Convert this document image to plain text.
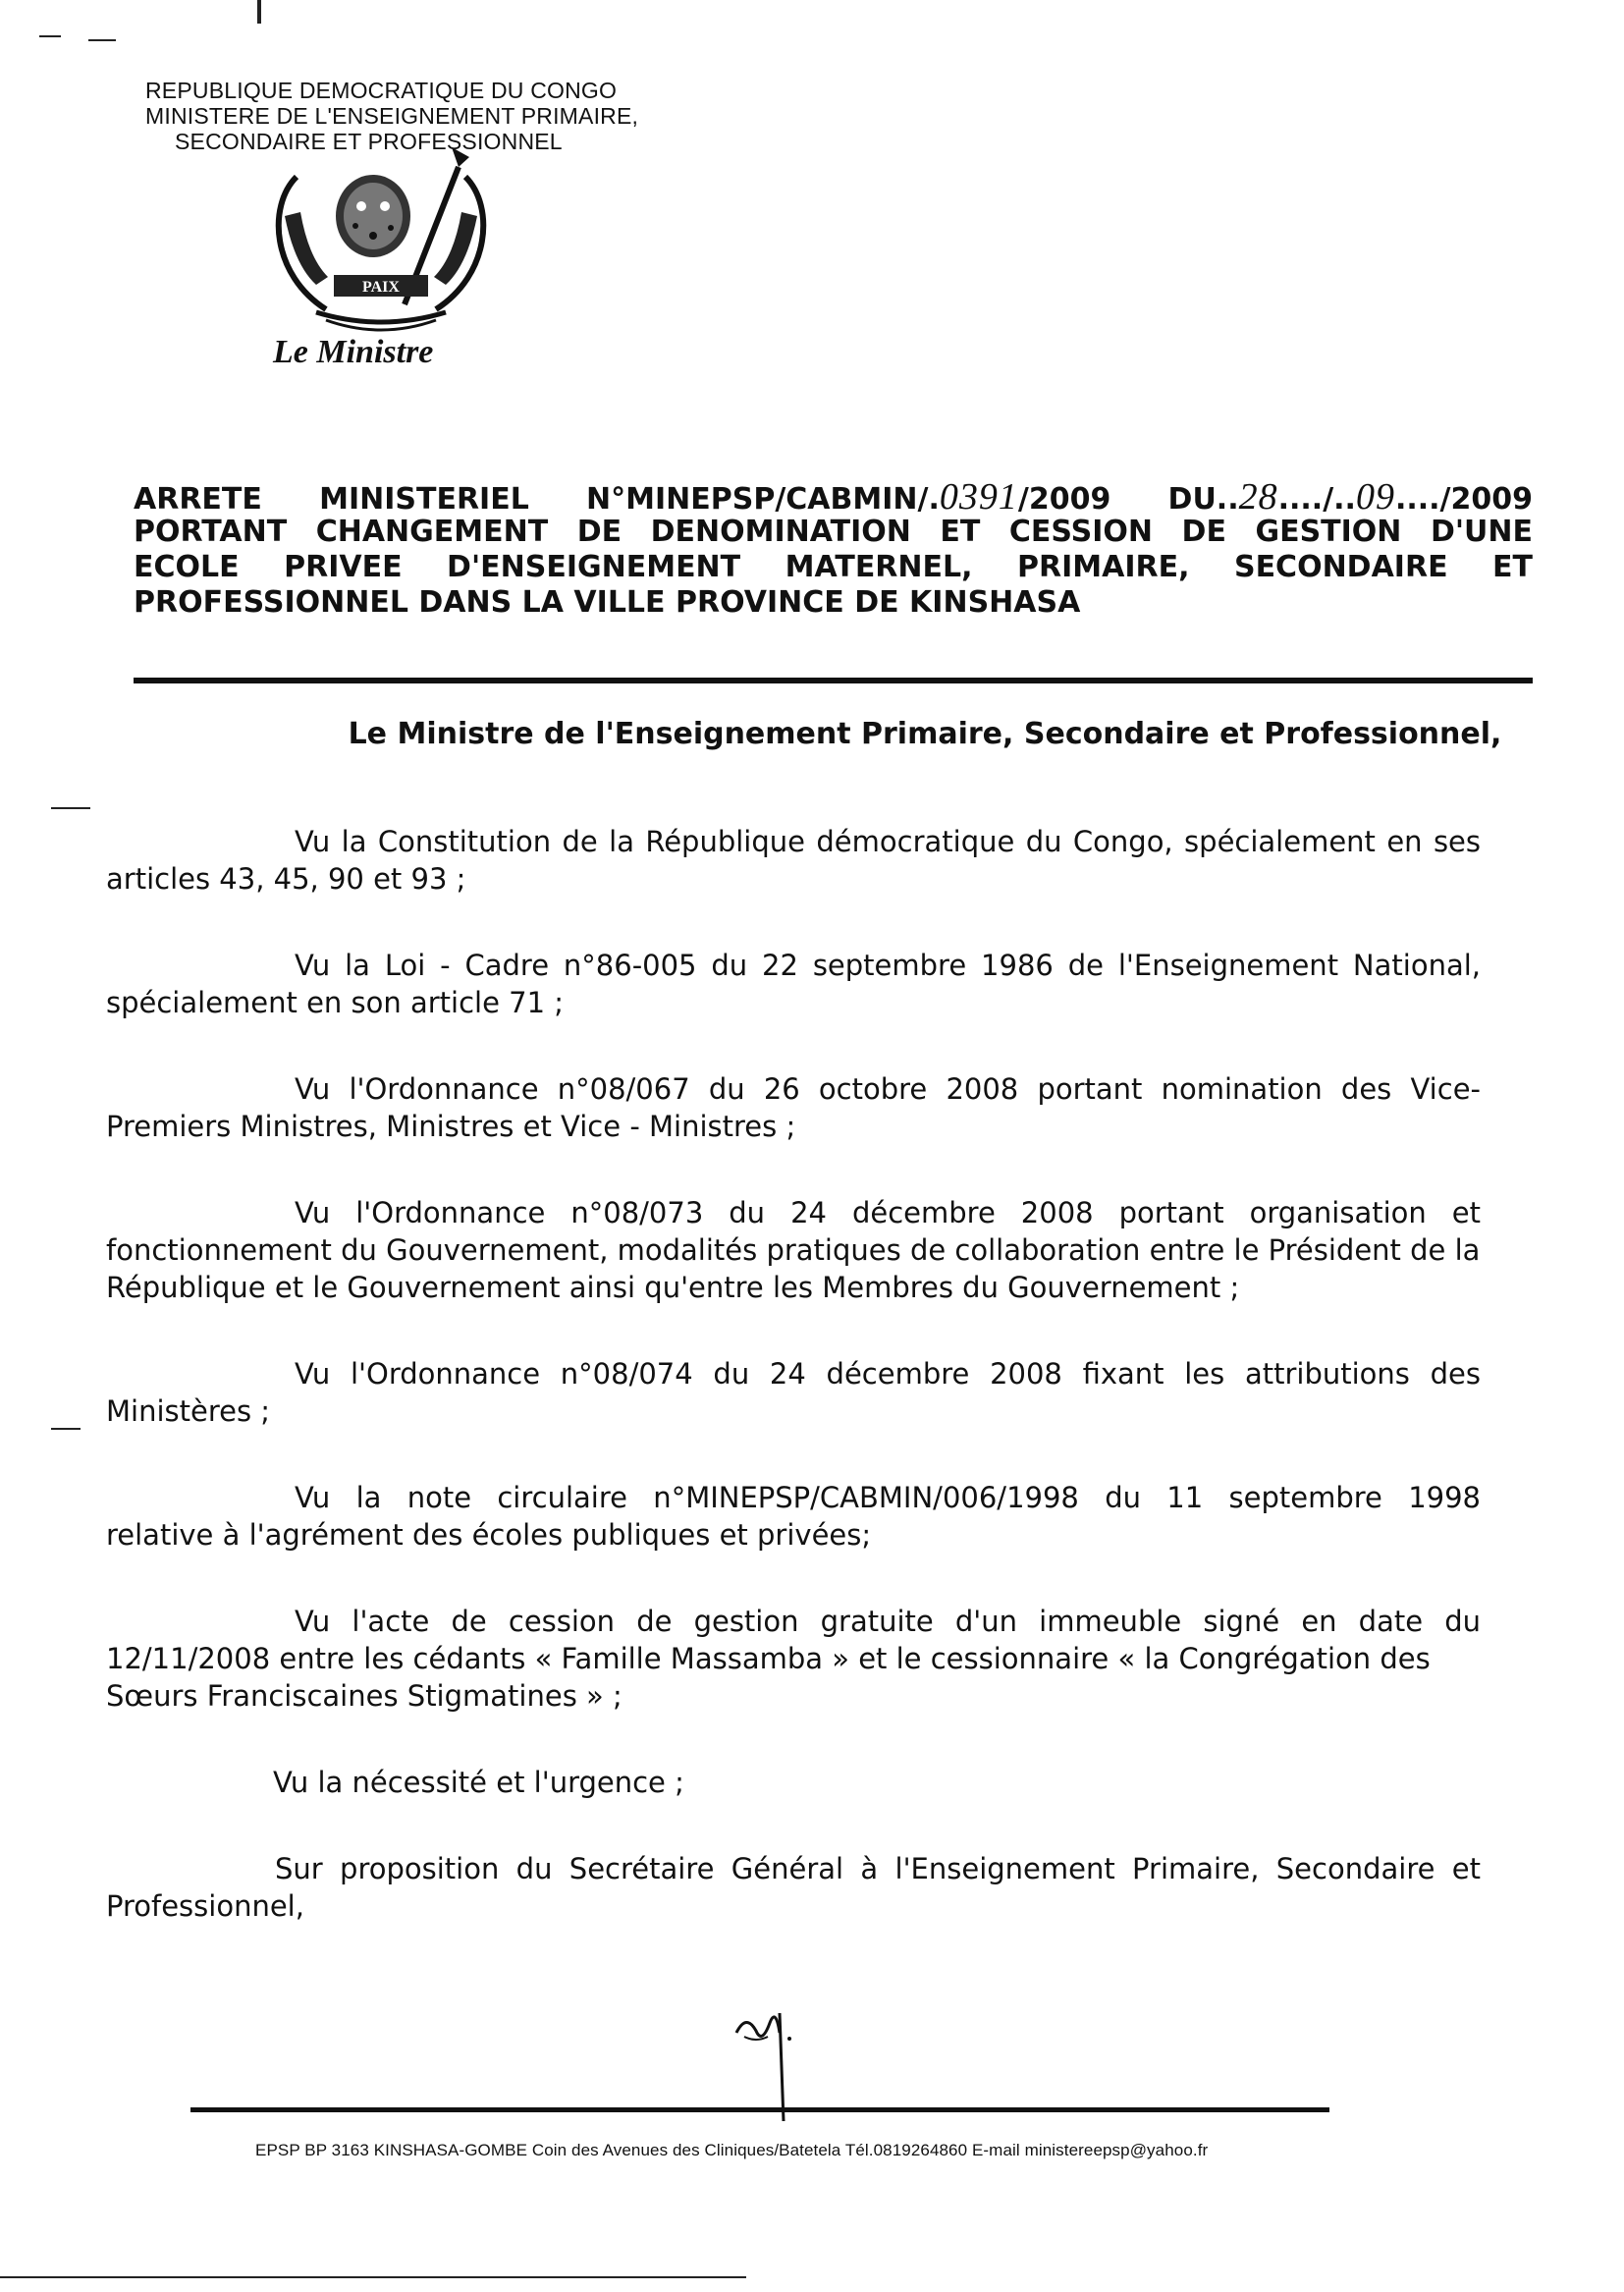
REPUBLIQUE DEMOCRATIQUE DU CONGO
MINISTERE DE L'ENSEIGNEMENT PRIMAIRE,
SECONDAIRE ET PROFESSIONNEL
PAIX
Le Ministre
ARRETE MINISTERIEL N°MINEPSP/CABMIN/.0391/2009 DU..28..../..09..../2009
PORTANT CHANGEMENT DE DENOMINATION ET CESSION DE GESTION D'UNE
ECOLE PRIVEE D'ENSEIGNEMENT MATERNEL, PRIMAIRE, SECONDAIRE ET
PROFESSIONNEL DANS LA VILLE PROVINCE DE KINSHASA
Le Ministre de l'Enseignement Primaire, Secondaire et Professionnel,
Vu la Constitution de la République démocratique du Congo, spécialement en ses
articles 43, 45, 90 et 93 ;
Vu la Loi - Cadre n°86-005 du 22 septembre 1986 de l'Enseignement National,
spécialement en son article 71 ;
Vu l'Ordonnance n°08/067 du 26 octobre 2008 portant nomination des Vice-
Premiers Ministres, Ministres et Vice - Ministres ;
Vu l'Ordonnance n°08/073 du 24 décembre 2008 portant organisation et
fonctionnement du Gouvernement, modalités pratiques de collaboration entre le Président de la République et le Gouvernement ainsi qu'entre les Membres du Gouvernement ;
Vu l'Ordonnance n°08/074 du 24 décembre 2008 fixant les attributions des
Ministères ;
Vu la note circulaire n°MINEPSP/CABMIN/006/1998 du 11 septembre 1998
relative à l'agrément des écoles publiques et privées;
Vu l'acte de cession de gestion gratuite d'un immeuble signé en date du
12/11/2008 entre les cédants « Famille Massamba » et le cessionnaire « la Congrégation des Sœurs Franciscaines Stigmatines » ;
Vu la nécessité et l'urgence ;
Sur proposition du Secrétaire Général à l'Enseignement Primaire, Secondaire et
Professionnel,
EPSP BP 3163 KINSHASA-GOMBE Coin des Avenues des Cliniques/Batetela Tél.0819264860 E-mail ministereepsp@yahoo.fr
